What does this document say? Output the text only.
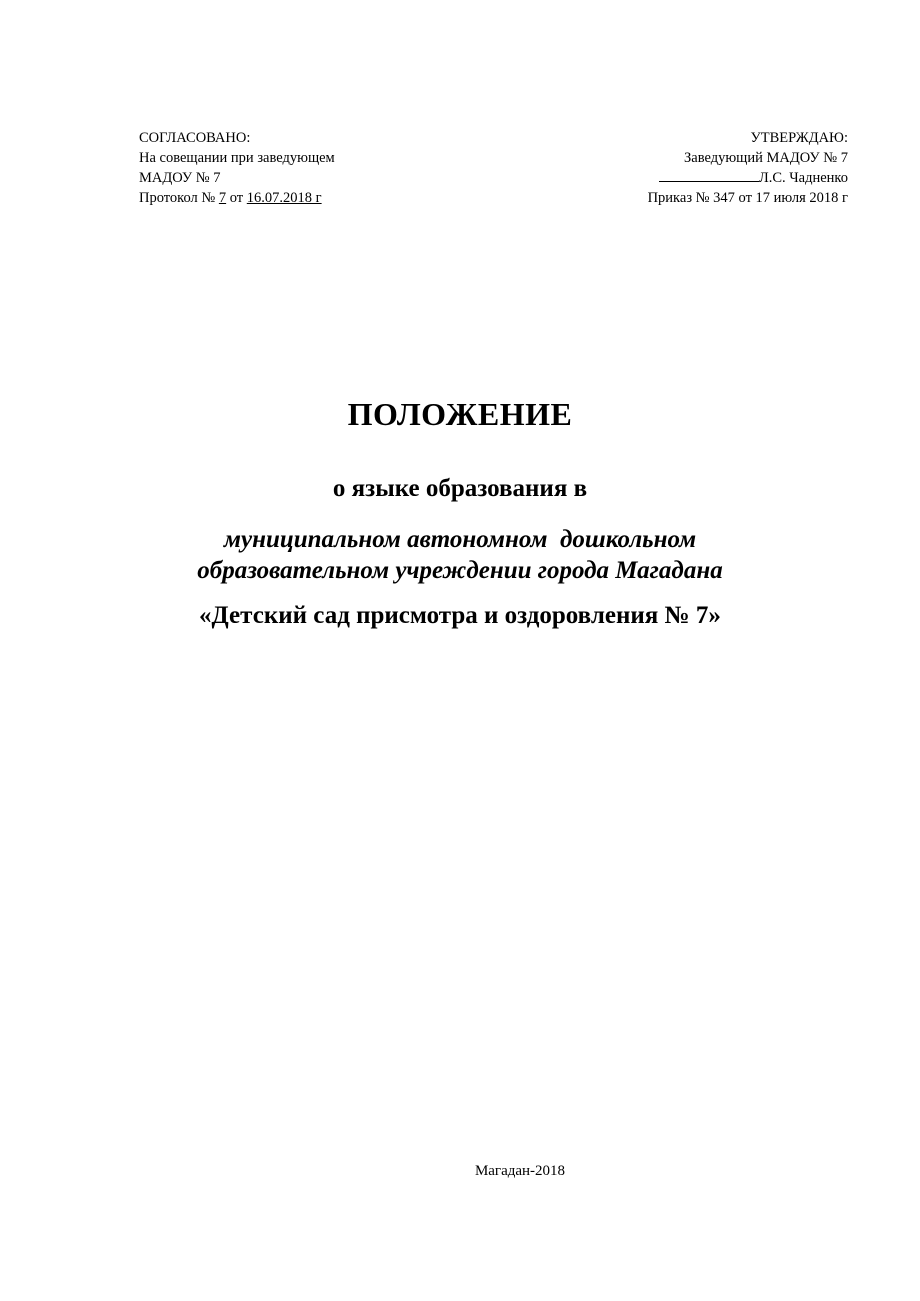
СОГЛАСОВАНО:
На совещании при заведующем
МАДОУ № 7
Протокол № 7 от 16.07.2018 г
УТВЕРЖДАЮ:
Заведующий МАДОУ № 7
Л.С. Чадненко
Приказ № 347 от 17 июля 2018 г
ПОЛОЖЕНИЕ
о языке образования в
муниципальном автономном  дошкольном
образовательном учреждении города Магадана
«Детский сад присмотра и оздоровления № 7»
Магадан-2018
